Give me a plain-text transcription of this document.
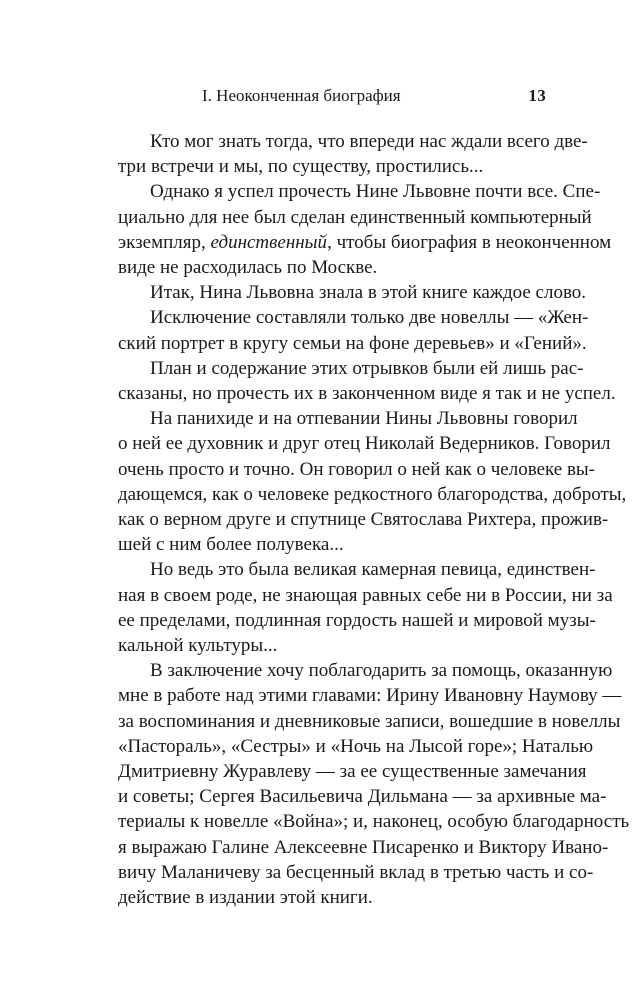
I. Неоконченная биография	13

Кто мог знать тогда, что впереди нас ждали всего две-
три встречи и мы, по существу, простились...

Однако я успел прочесть Нине Львовне почти все. Спе-
циально для нее был сделан единственный компьютерный
экземпляр, единственный, чтобы биография в неоконченном
виде не расходилась по Москве.

Итак, Нина Львовна знала в этой книге каждое слово.

Исключение составляли только две новеллы — «Жен-
ский портрет в кругу семьи на фоне деревьев» и «Гений».

План и содержание этих отрывков были ей лишь рас-
сказаны, но прочесть их в законченном виде я так и не успел.

На панихиде и на отпевании Нины Львовны говорил
о ней ее духовник и друг отец Николай Ведерников. Говорил
очень просто и точно. Он говорил о ней как о человеке вы-
дающемся, как о человеке редкостного благородства, доброты,
как о верном друге и спутнице Святослава Рихтера, прожив-
шей с ним более полувека...

Но ведь это была великая камерная певица, единствен-
ная в своем роде, не знающая равных себе ни в России, ни за
ее пределами, подлинная гордость нашей и мировой музы-
кальной культуры...

В заключение хочу поблагодарить за помощь, оказанную
мне в работе над этими главами: Ирину Ивановну Наумову —
за воспоминания и дневниковые записи, вошедшие в новеллы
«Пастораль», «Сестры» и «Ночь на Лысой горе»; Наталью
Дмитриевну Журавлеву — за ее существенные замечания
и советы; Сергея Васильевича Дильмана — за архивные ма-
териалы к новелле «Война»; и, наконец, особую благодарность
я выражаю Галине Алексеевне Писаренко и Виктору Ивано-
вичу Маланичеву за бесценный вклад в третью часть и со-
действие в издании этой книги.
